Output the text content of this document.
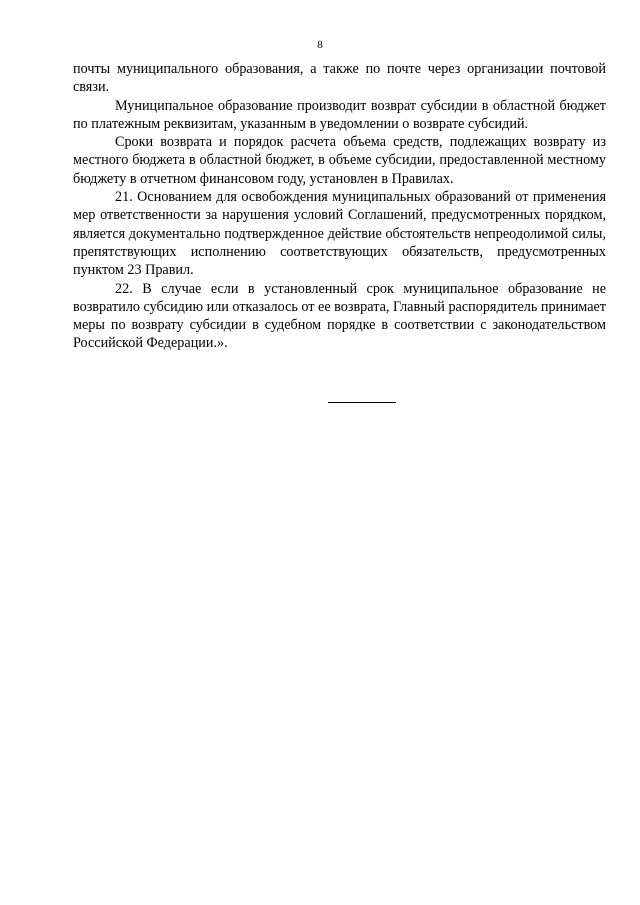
8

почты муниципального образования, а также по почте через организации почтовой связи.

Муниципальное образование производит возврат субсидии в областной бюджет по платежным реквизитам, указанным в уведомлении о возврате субсидий.

Сроки возврата и порядок расчета объема средств, подлежащих возврату из местного бюджета в областной бюджет, в объеме субсидии, предоставленной местному бюджету в отчетном финансовом году, установлен в Правилах.

21. Основанием для освобождения муниципальных образований от применения мер ответственности за нарушения условий Соглашений, предусмотренных порядком, является документально подтвержденное действие обстоятельств непреодолимой силы, препятствующих исполнению соответствующих обязательств, предусмотренных пунктом 23 Правил.

22. В случае если в установленный срок муниципальное образование не возвратило субсидию или отказалось от ее возврата, Главный распорядитель принимает меры по возврату субсидии в судебном порядке в соответствии с законодательством Российской Федерации.».
